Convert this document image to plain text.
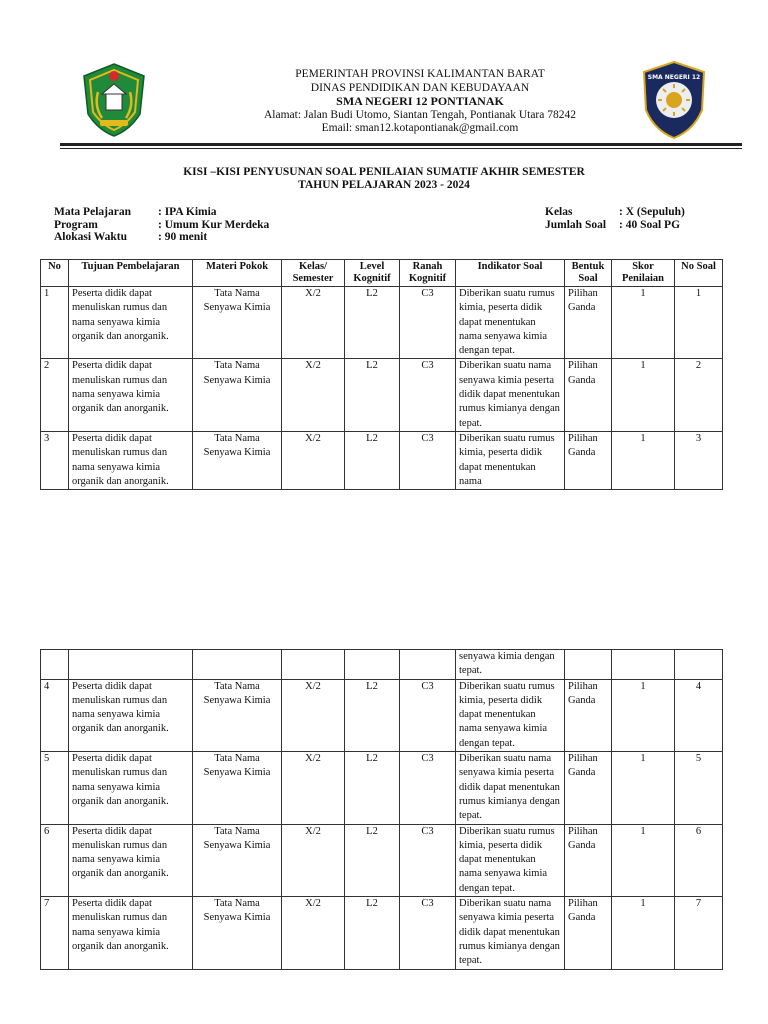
PEMERINTAH PROVINSI KALIMANTAN BARAT
DINAS PENDIDIKAN DAN KEBUDAYAAN
SMA NEGERI 12 PONTIANAK
Alamat: Jalan Budi Utomo, Siantan Tengah, Pontianak Utara 78242
Email: sman12.kotapontianak@gmail.com
SMA NEGERI 12
KISI –KISI PENYUSUNAN SOAL PENILAIAN SUMATIF AKHIR SEMESTER
TAHUN PELAJARAN 2023 - 2024
Mata Pelajaran : IPA Kimia
Program	: Umum Kur Merdeka
Alokasi Waktu	: 90 menit
Kelas	: X (Sepuluh)
Jumlah Soal : 40 Soal PG
No	Tujuan Pembelajaran	Materi Pokok	Kelas/ Semester	Level Kognitif	Ranah Kognitif	Indikator Soal	Bentuk Soal	Skor Penilaian	No Soal
1	Peserta didik dapat menuliskan rumus dan nama senyawa kimia organik dan anorganik.	Tata Nama Senyawa Kimia	X/2	L2	C3	Diberikan suatu rumus kimia, peserta didik dapat menentukan nama senyawa kimia dengan tepat.	Pilihan Ganda	1	1
2	Peserta didik dapat menuliskan rumus dan nama senyawa kimia organik dan anorganik.	Tata Nama Senyawa Kimia	X/2	L2	C3	Diberikan suatu nama senyawa kimia peserta didik dapat menentukan rumus kimianya dengan tepat.	Pilihan Ganda	1	2
3	Peserta didik dapat menuliskan rumus dan nama senyawa kimia organik dan anorganik.	Tata Nama Senyawa Kimia	X/2	L2	C3	Diberikan suatu rumus kimia, peserta didik dapat menentukan nama	Pilihan Ganda	1	3
						senyawa kimia dengan tepat.			
4	Peserta didik dapat menuliskan rumus dan nama senyawa kimia organik dan anorganik.	Tata Nama Senyawa Kimia	X/2	L2	C3	Diberikan suatu rumus kimia, peserta didik dapat menentukan nama senyawa kimia dengan tepat.	Pilihan Ganda	1	4
5	Peserta didik dapat menuliskan rumus dan nama senyawa kimia organik dan anorganik.	Tata Nama Senyawa Kimia	X/2	L2	C3	Diberikan suatu nama senyawa kimia peserta didik dapat menentukan rumus kimianya dengan tepat.	Pilihan Ganda	1	5
6	Peserta didik dapat menuliskan rumus dan nama senyawa kimia organik dan anorganik.	Tata Nama Senyawa Kimia	X/2	L2	C3	Diberikan suatu rumus kimia, peserta didik dapat menentukan nama senyawa kimia dengan tepat.	Pilihan Ganda	1	6
7	Peserta didik dapat menuliskan rumus dan nama senyawa kimia organik dan anorganik.	Tata Nama Senyawa Kimia	X/2	L2	C3	Diberikan suatu nama senyawa kimia peserta didik dapat menentukan rumus kimianya dengan tepat.	Pilihan Ganda	1	7
